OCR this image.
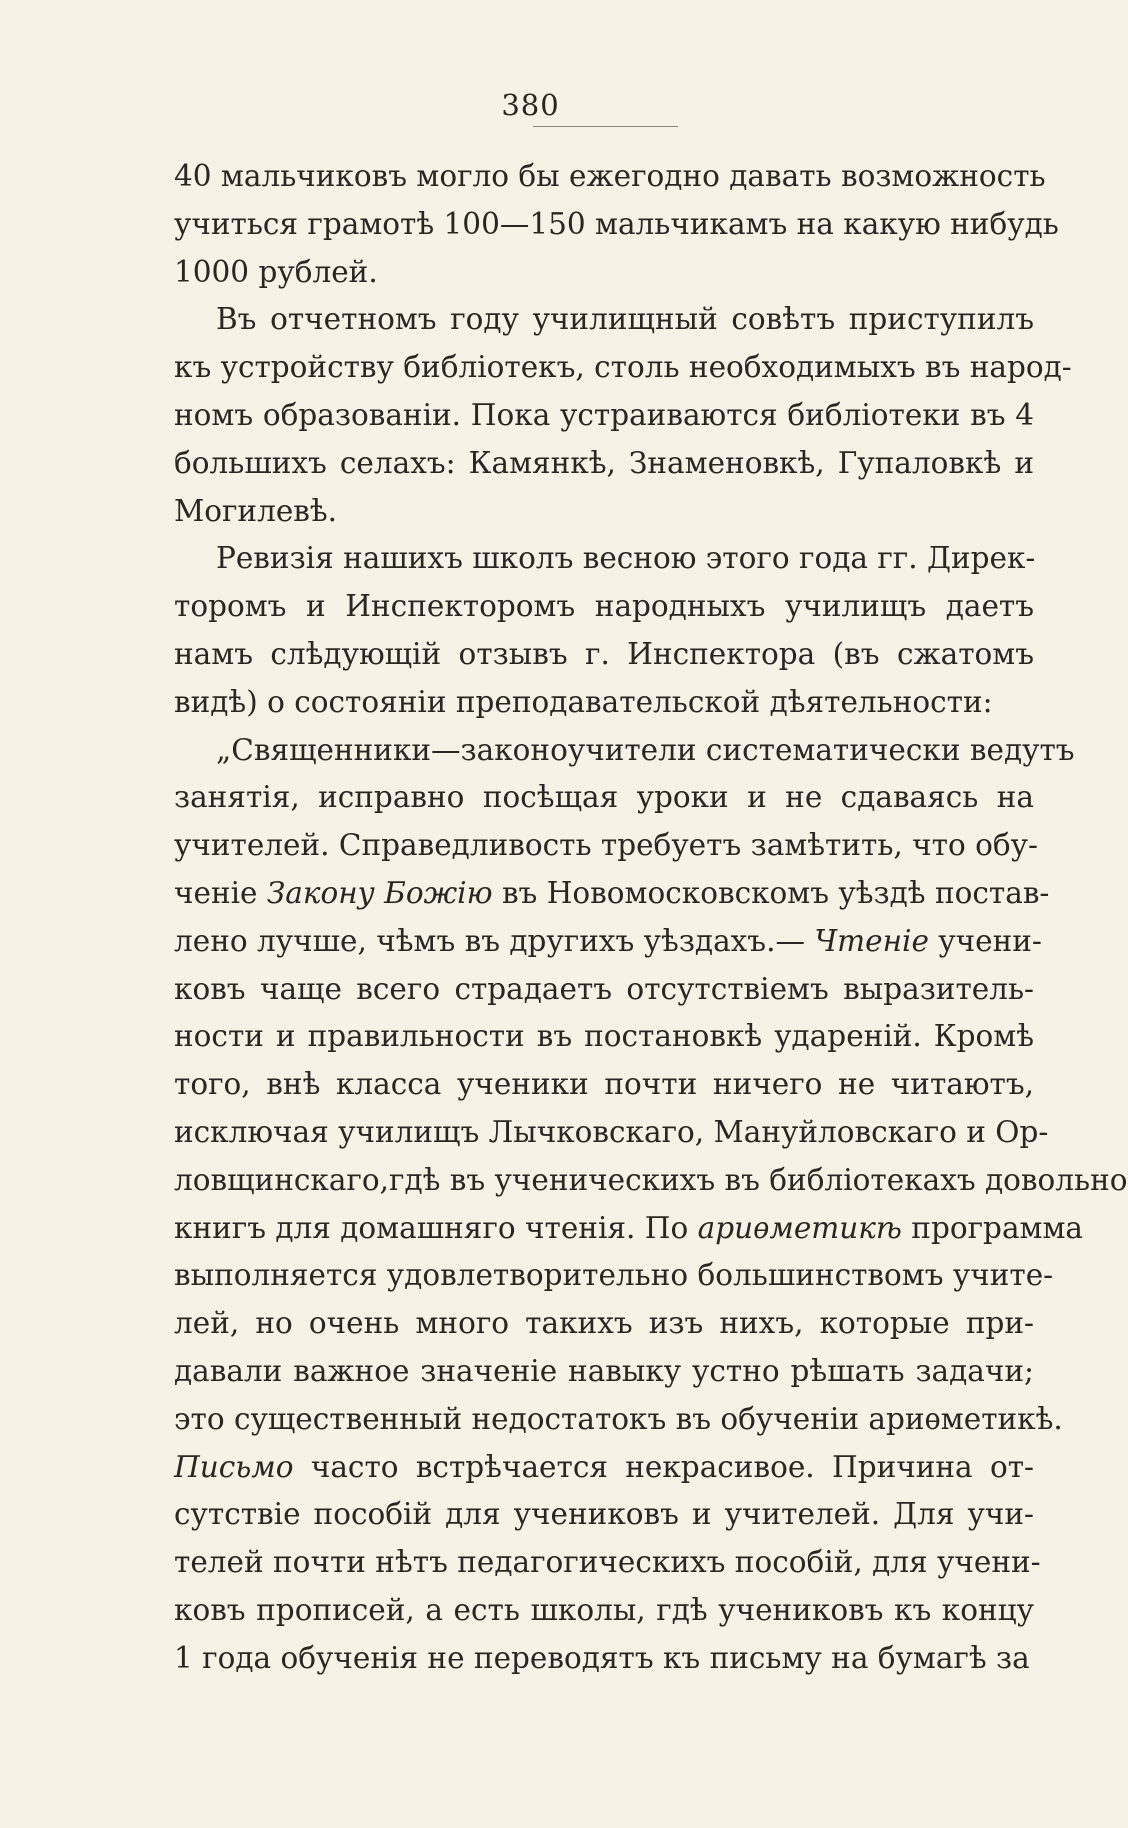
380
40 мальчиковъ могло бы ежегодно давать возможность
учиться грамотѣ 100—150 мальчикамъ на какую нибудь
1000 рублей.
Въ отчетномъ году училищный совѣтъ приступилъ
къ устройству библіотекъ, столь необходимыхъ въ народ-
номъ образованіи. Пока устраиваются библіотеки въ 4
большихъ селахъ: Камянкѣ, Знаменовкѣ, Гупаловкѣ и
Могилевѣ.
Ревизія нашихъ школъ весною этого года гг. Дирек-
торомъ и Инспекторомъ народныхъ училищъ даетъ
намъ слѣдующій отзывъ г. Инспектора (въ сжатомъ
видѣ) о состояніи преподавательской дѣятельности:
„Священники—законоучители систематически ведутъ
занятія, исправно посѣщая уроки и не сдаваясь на
учителей. Справедливость требуетъ замѣтить, что обу-
ченіе Закону Божію въ Новомосковскомъ уѣздѣ постав-
лено лучше, чѣмъ въ другихъ уѣздахъ.— Чтеніе учени-
ковъ чаще всего страдаетъ отсутствіемъ выразитель-
ности и правильности въ постановкѣ удареній. Кромѣ
того, внѣ класса ученики почти ничего не читаютъ,
исключая училищъ Лычковскаго, Мануйловскаго и Ор-
ловщинскаго,гдѣ въ ученическихъ въ библіотекахъ довольно
книгъ для домашняго чтенія. По ариѳметикѣ программа
выполняется удовлетворительно большинствомъ учите-
лей, но очень много такихъ изъ нихъ, которые при-
давали важное значеніе навыку устно рѣшать задачи;
это существенный недостатокъ въ обученіи ариѳметикѣ.
Письмо часто встрѣчается некрасивое. Причина от-
сутствіе пособій для учениковъ и учителей. Для учи-
телей почти нѣтъ педагогическихъ пособій, для учени-
ковъ прописей, а есть школы, гдѣ учениковъ къ концу
1 года обученія не переводятъ къ письму на бумагѣ за
